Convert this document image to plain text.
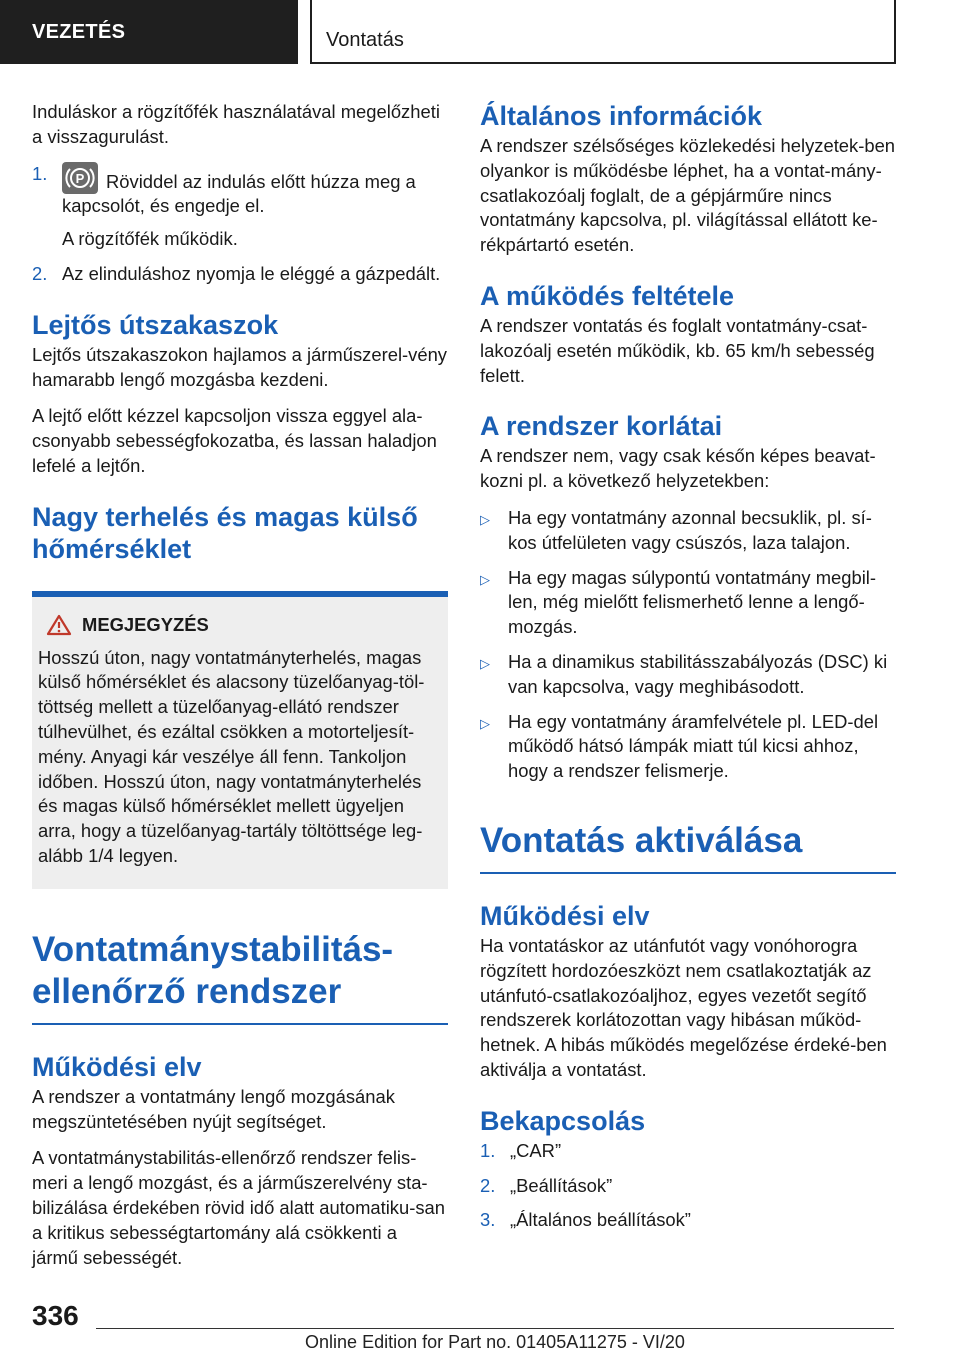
VEZETÉS	Vontatás

Induláskor a rögzítőfék használatával megelőzheti a visszagurulást.

1.	P Röviddel az indulás előtt húzza meg a kapcsolót, és engedje el.
A rögzítőfék működik.
2. Az elinduláshoz nyomja le eléggé a gázpedált.
Lejtős útszakaszok

Lejtős útszakaszokon hajlamos a járműszerel-vény hamarabb lengő mozgásba kezdeni.

A lejtő előtt kézzel kapcsoljon vissza eggyel ala-csonyabb sebességfokozatba, és lassan haladjon lefelé a lejtőn.

Nagy terhelés és magas külső hőmérséklet
MEGJEGYZÉS

Hosszú úton, nagy vontatmányterhelés, magas külső hőmérséklet és alacsony tüzelőanyag-töl-töttség mellett a tüzelőanyag-ellátó rendszer túlhevülhet, és ezáltal csökken a motorteljesít-mény. Anyagi kár veszélye áll fenn. Tankoljon időben. Hosszú úton, nagy vontatmányterhelés és magas külső hőmérséklet mellett ügyeljen arra, hogy a tüzelőanyag-tartály töltöttsége leg-alább 1/4 legyen.

Vontatmánystabilitás-ellenőrző rendszer
Működési elv

A rendszer a vontatmány lengő mozgásának megszüntetésében nyújt segítséget.

A vontatmánystabilitás-ellenőrző rendszer felis-meri a lengő mozgást, és a járműszerelvény sta-bilizálása érdekében rövid idő alatt automatiku-san a kritikus sebességtartomány alá csökkenti a jármű sebességét.

Általános információk

A rendszer szélsőséges közlekedési helyzetek-ben olyankor is működésbe léphet, ha a vontat-mány-csatlakozóalj foglalt, de a gépjárműre nincs vontatmány kapcsolva, pl. világítással ellátott ke-rékpártartó esetén.

A működés feltétele

A rendszer vontatás és foglalt vontatmány-csat-lakozóalj esetén működik, kb. 65 km/h sebesség felett.

A rendszer korlátai

A rendszer nem, vagy csak későn képes beavat-kozni pl. a következő helyzetekben:

▷ Ha egy vontatmány azonnal becsuklik, pl. sí-kos útfelületen vagy csúszós, laza talajon.
▷ Ha egy magas súlypontú vontatmány megbil-len, még mielőtt felismerhető lenne a lengő-mozgás.
▷ Ha a dinamikus stabilitásszabályozás (DSC) ki van kapcsolva, vagy meghibásodott.
▷ Ha egy vontatmány áramfelvétele pl. LED-del működő hátsó lámpák miatt túl kicsi ahhoz, hogy a rendszer felismerje.
Vontatás aktiválása
Működési elv

Ha vontatáskor az utánfutót vagy vonóhorogra rögzített hordozóeszközt nem csatlakoztatják az utánfutó-csatlakozóaljhoz, egyes vezetőt segítő rendszerek korlátozottan vagy hibásan működ-hetnek. A hibás működés megelőzése érdeké-ben aktiválja a vontatást.

Bekapcsolás
1. „CAR”
2. „Beállítások”
3. „Általános beállítások”
336
Online Edition for Part no. 01405A11275 - VI/20
